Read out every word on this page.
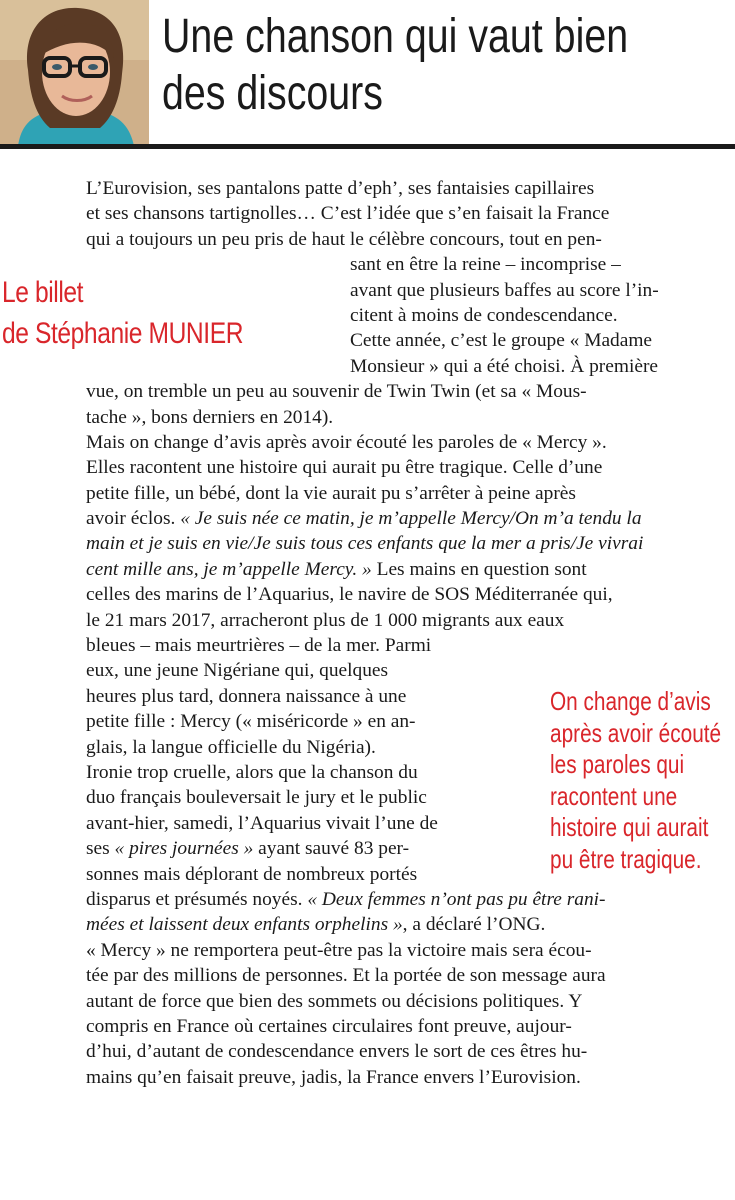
Une chanson qui vaut bien
des discours
Le billet
de Stéphanie MUNIER
On change d’avis
après avoir écouté
les paroles qui
racontent une
histoire qui aurait
pu être tragique.
L’Eurovision, ses pantalons patte d’eph’, ses fantaisies capillaires
et ses chansons tartignolles… C’est l’idée que s’en faisait la France
qui a toujours un peu pris de haut le célèbre concours, tout en pen-
sant en être la reine – incomprise –
avant que plusieurs baffes au score l’in-
citent à moins de condescendance.
Cette année, c’est le groupe « Madame
Monsieur » qui a été choisi. À première
vue, on tremble un peu au souvenir de Twin Twin (et sa « Mous-
tache », bons derniers en 2014).
Mais on change d’avis après avoir écouté les paroles de « Mercy ».
Elles racontent une histoire qui aurait pu être tragique. Celle d’une
petite fille, un bébé, dont la vie aurait pu s’arrêter à peine après
avoir éclos. « Je suis née ce matin, je m’appelle Mercy/On m’a tendu la
main et je suis en vie/Je suis tous ces enfants que la mer a pris/Je vivrai
cent mille ans, je m’appelle Mercy. » Les mains en question sont
celles des marins de l’Aquarius, le navire de SOS Méditerranée qui,
le 21 mars 2017, arracheront plus de 1 000 migrants aux eaux
bleues – mais meurtrières – de la mer. Parmi
eux, une jeune Nigériane qui, quelques
heures plus tard, donnera naissance à une
petite fille : Mercy (« miséricorde » en an-
glais, la langue officielle du Nigéria).
Ironie trop cruelle, alors que la chanson du
duo français bouleversait le jury et le public
avant-hier, samedi, l’Aquarius vivait l’une de
ses « pires journées » ayant sauvé 83 per-
sonnes mais déplorant de nombreux portés
disparus et présumés noyés. « Deux femmes n’ont pas pu être rani-
mées et laissent deux enfants orphelins », a déclaré l’ONG.
« Mercy » ne remportera peut-être pas la victoire mais sera écou-
tée par des millions de personnes. Et la portée de son message aura
autant de force que bien des sommets ou décisions politiques. Y
compris en France où certaines circulaires font preuve, aujour-
d’hui, d’autant de condescendance envers le sort de ces êtres hu-
mains qu’en faisait preuve, jadis, la France envers l’Eurovision.
